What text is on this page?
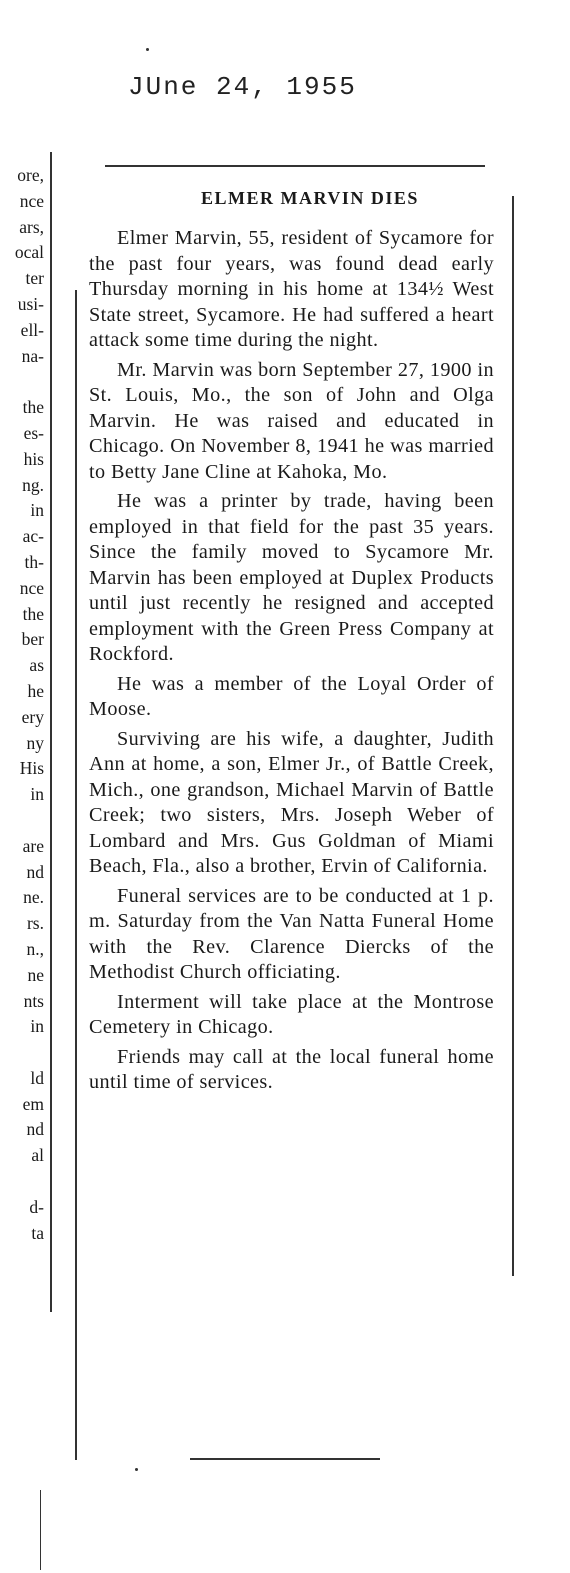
JUne 24, 1955
ore,
nce
ars,
ocal
ter
usi-
ell-
na-
the
es-
his
ng.
in
ac-
th-
nce
the
ber
as
he
ery
ny
His
in
are
nd
ne.
rs.
n.,
ne
nts
in
ld
em
nd
al
d-
ta
ELMER MARVIN DIES

Elmer Marvin, 55, resident of Sycamore for the past four years, was found dead early Thursday morning in his home at 134½ West State street, Sycamore. He had suffered a heart attack some time during the night.

Mr. Marvin was born September 27, 1900 in St. Louis, Mo., the son of John and Olga Marvin. He was raised and educated in Chicago. On November 8, 1941 he was married to Betty Jane Cline at Kahoka, Mo.

He was a printer by trade, having been employed in that field for the past 35 years. Since the family moved to Sycamore Mr. Marvin has been employed at Duplex Products until just recently he resigned and accepted employment with the Green Press Company at Rockford.

He was a member of the Loyal Order of Moose.

Surviving are his wife, a daughter, Judith Ann at home, a son, Elmer Jr., of Battle Creek, Mich., one grandson, Michael Marvin of Battle Creek; two sisters, Mrs. Joseph Weber of Lombard and Mrs. Gus Goldman of Miami Beach, Fla., also a brother, Ervin of California.

Funeral services are to be conducted at 1 p. m. Saturday from the Van Natta Funeral Home with the Rev. Clarence Diercks of the Methodist Church officiating.

Interment will take place at the Montrose Cemetery in Chicago.

Friends may call at the local funeral home until time of services.
